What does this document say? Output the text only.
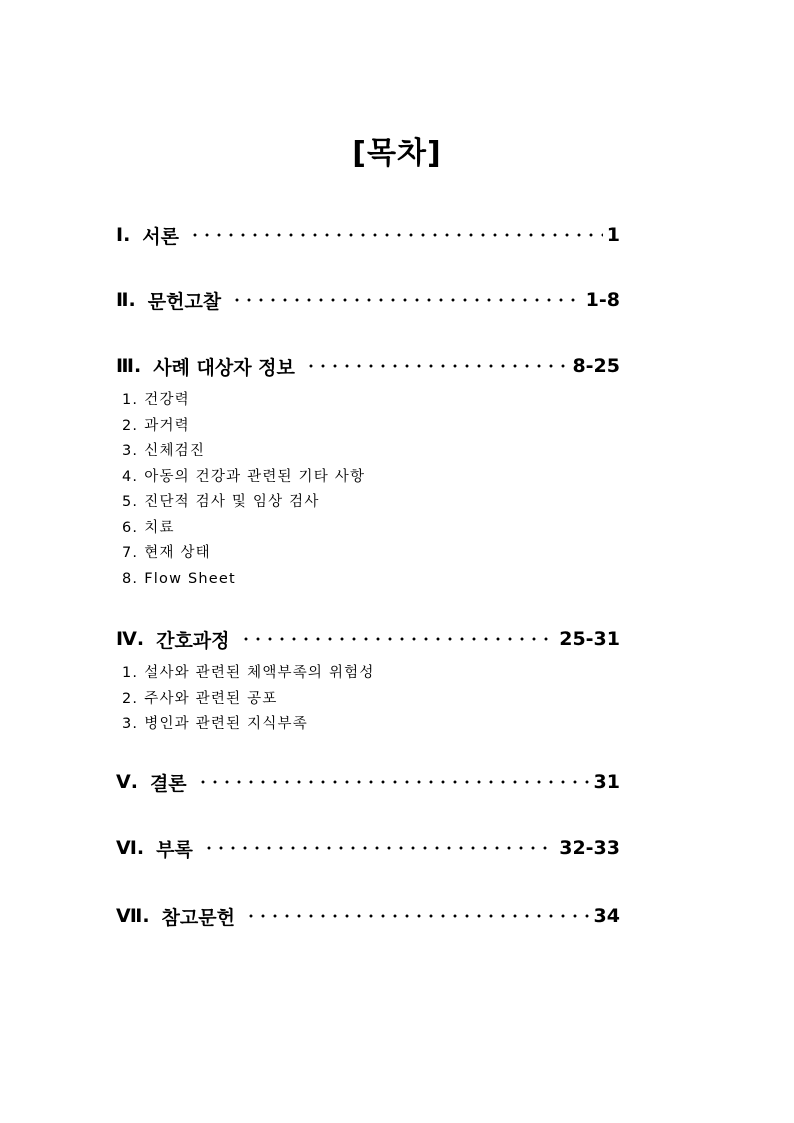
[목차]
Ⅰ. 서론	1
Ⅱ. 문헌고찰	1-8
Ⅲ. 사례 대상자 정보	8-25
1. 건강력
2. 과거력
3. 신체검진
4. 아동의 건강과 관련된 기타 사항
5. 진단적 검사 및 임상 검사
6. 치료
7. 현재 상태
8. Flow Sheet
Ⅳ. 간호과정	25-31
1. 설사와 관련된 체액부족의 위험성
2. 주사와 관련된 공포
3. 병인과 관련된 지식부족
Ⅴ. 결론	31
Ⅵ. 부록	32-33
Ⅶ. 참고문헌	34
